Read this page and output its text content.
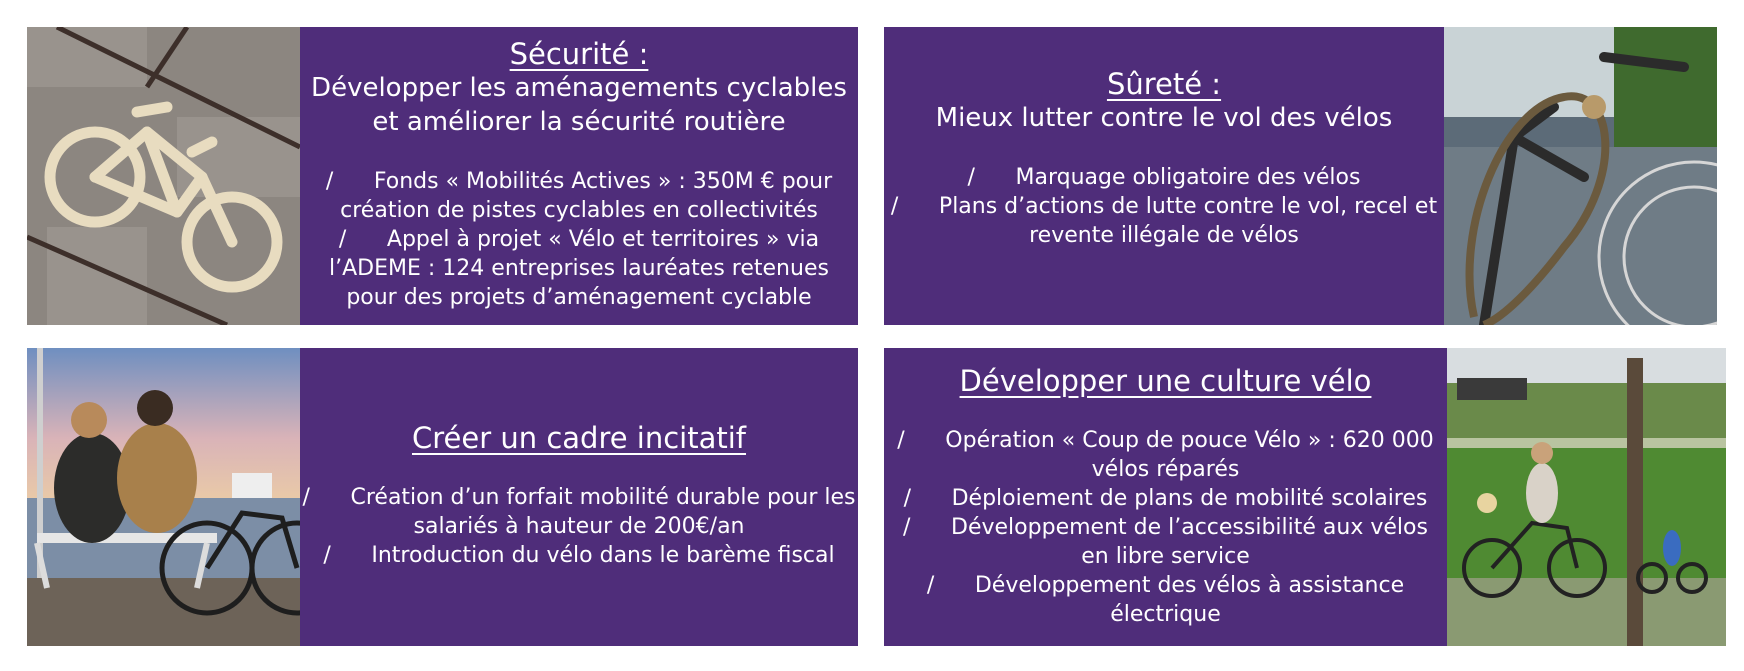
Sécurité :
Développer les aménagements cyclables
et améliorer la sécurité routière
/ Fonds « Mobilités Actives » : 350M € pour
création de pistes cyclables en collectivités
/ Appel à projet « Vélo et territoires » via
l’ADEME : 124 entreprises lauréates retenues
pour des projets d’aménagement cyclable
Sûreté :
Mieux lutter contre le vol des vélos
/ Marquage obligatoire des vélos
/ Plans d’actions de lutte contre le vol, recel et
revente illégale de vélos
Créer un cadre incitatif
/ Création d’un forfait mobilité durable pour les
salariés à hauteur de 200€/an
/ Introduction du vélo dans le barème fiscal
Développer une culture vélo
/ Opération « Coup de pouce Vélo » : 620 000
vélos réparés
/ Déploiement de plans de mobilité scolaires
/ Développement de l’accessibilité aux vélos
en libre service
/ Développement des vélos à assistance
électrique
